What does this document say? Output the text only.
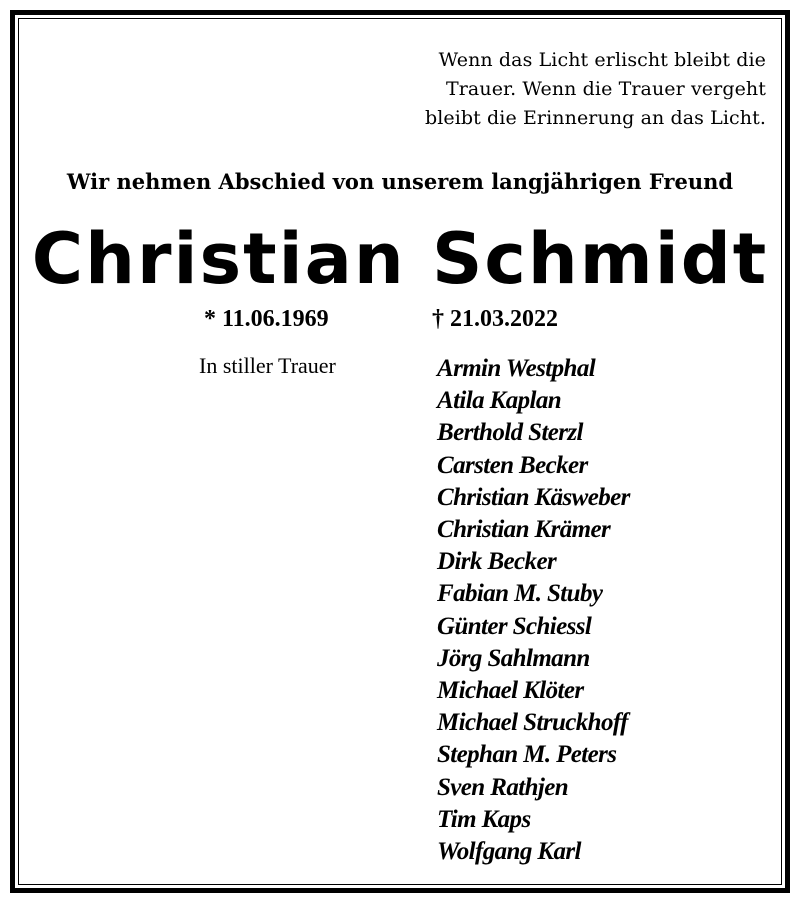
Wenn das Licht erlischt bleibt die
Trauer. Wenn die Trauer vergeht
bleibt die Erinnerung an das Licht.
Wir nehmen Abschied von unserem langjährigen Freund
Christian Schmidt
* 11.06.1969	† 21.03.2022
In stiller Trauer	Armin Westphal
Atila Kaplan
Berthold Sterzl
Carsten Becker
Christian Käsweber
Christian Krämer
Dirk Becker
Fabian M. Stuby
Günter Schiessl
Jörg Sahlmann
Michael Klöter
Michael Struckhoff
Stephan M. Peters
Sven Rathjen
Tim Kaps
Wolfgang Karl
